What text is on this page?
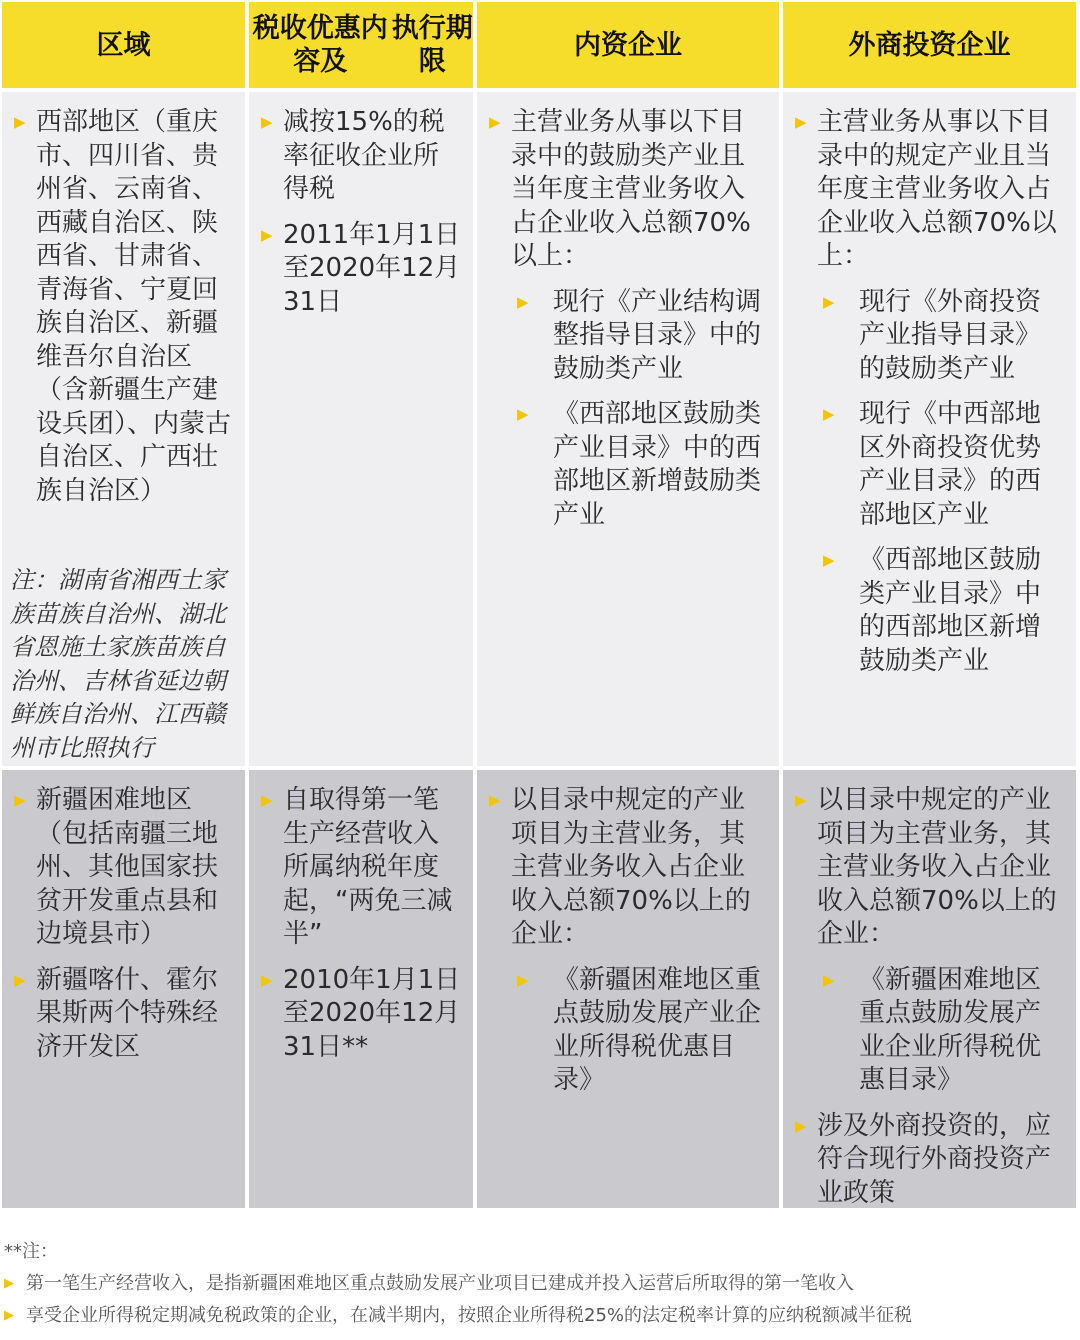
区域
税收优惠内容及

执行期限
内资企业	外商投资企业
▶ 西部地区（重庆市、四川省、贵州省、云南省、西藏自治区、陕西省、甘肃省、青海省、宁夏回族自治区、新疆维吾尔自治区（含新疆生产建设兵团）、内蒙古自治区、广西壮族自治区）
注：湖南省湘西土家族苗族自治州、湖北省恩施土家族苗族自治州、吉林省延边朝鲜族自治州、江西赣州市比照执行
▶ 减按15%的税率征收企业所得税
▶ 2011年1月1日至2020年12月31日
▶ 主营业务从事以下目录中的鼓励类产业且当年度主营业务收入占企业收入总额70%以上：
▶ 现行《产业结构调整指导目录》中的鼓励类产业
▶ 《西部地区鼓励类产业目录》中的西部地区新增鼓励类产业
▶ 主营业务从事以下目录中的规定产业且当年度主营业务收入占企业收入总额70%以上：
▶ 现行《外商投资产业指导目录》的鼓励类产业
▶ 现行《中西部地区外商投资优势产业目录》的西部地区产业
▶ 《西部地区鼓励类产业目录》中的西部地区新增鼓励类产业
▶ 新疆困难地区（包括南疆三地州、其他国家扶贫开发重点县和边境县市）
▶ 新疆喀什、霍尔果斯两个特殊经济开发区
▶ 自取得第一笔生产经营收入所属纳税年度起，“两免三减半”
▶ 2010年1月1日至2020年12月31日**
▶ 以目录中规定的产业项目为主营业务，其主营业务收入占企业收入总额70%以上的企业：
▶ 《新疆困难地区重点鼓励发展产业企业所得税优惠目录》
▶ 以目录中规定的产业项目为主营业务，其主营业务收入占企业收入总额70%以上的企业：
▶ 《新疆困难地区重点鼓励发展产业企业所得税优惠目录》
▶ 涉及外商投资的，应符合现行外商投资产业政策
**注：
▶ 第一笔生产经营收入，是指新疆困难地区重点鼓励发展产业项目已建成并投入运营后所取得的第一笔收入
▶ 享受企业所得税定期减免税政策的企业，在减半期内，按照企业所得税25%的法定税率计算的应纳税额减半征税
